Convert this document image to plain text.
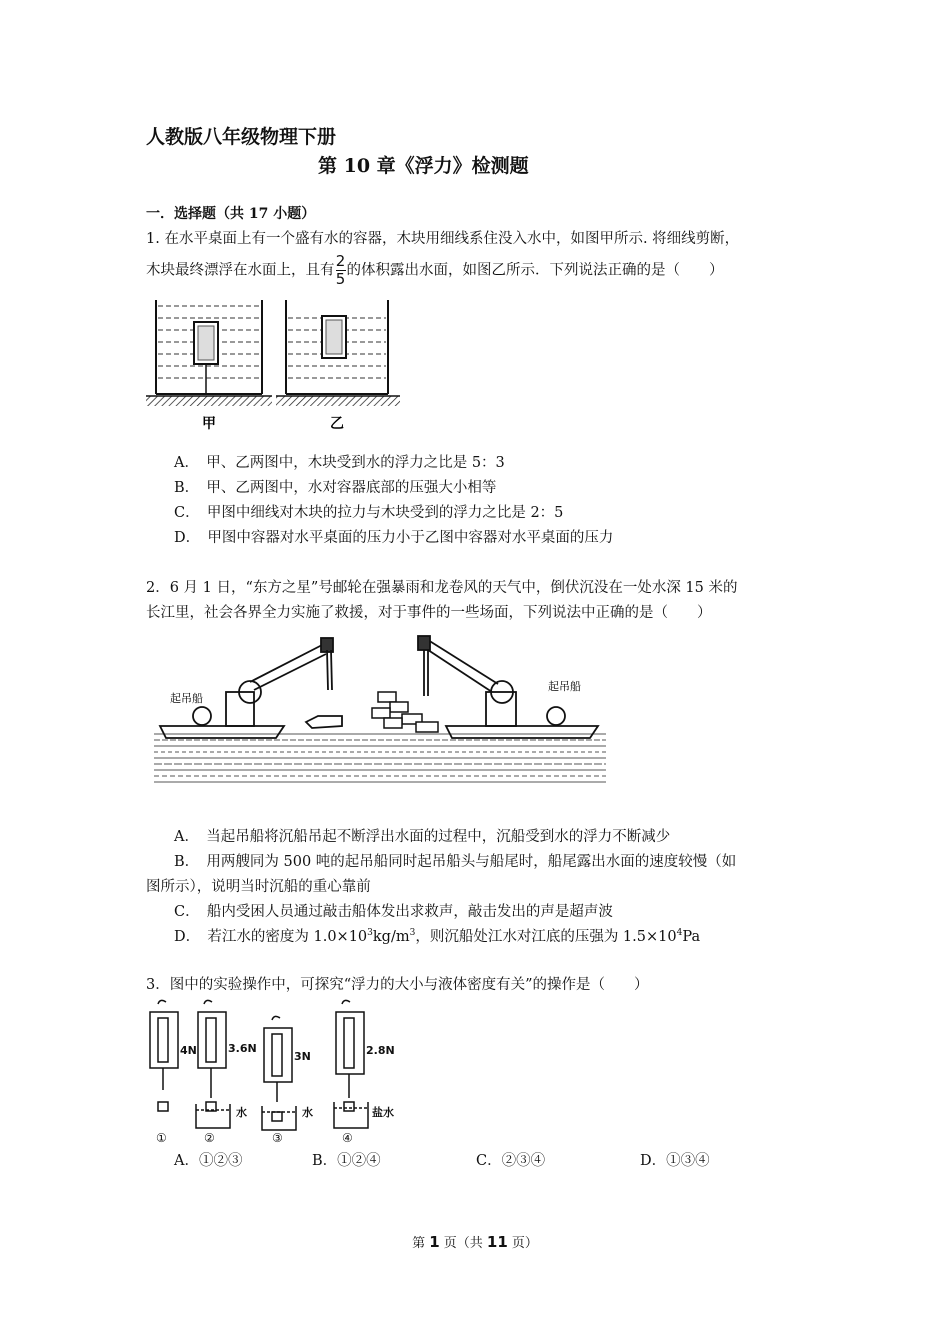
人教版八年级物理下册
第 10 章《浮力》检测题
一．选择题（共 17 小题）
1. 在水平桌面上有一个盛有水的容器，木块用细线系住没入水中，如图甲所示. 将细线剪断，
木块最终漂浮在水面上，且有 $\frac{2}{5}$ 的体积露出水面，如图乙所示．下列说法正确的是（　　）
甲	乙
A．　甲、乙两图中，木块受到水的浮力之比是 5：3
B．　甲、乙两图中，水对容器底部的压强大小相等
C．　甲图中细线对木块的拉力与木块受到的浮力之比是 2：5
D．　甲图中容器对水平桌面的压力小于乙图中容器对水平桌面的压力
2．6 月 1 日，“东方之星”号邮轮在强暴雨和龙卷风的天气中，倒伏沉没在一处水深 15 米的
长江里，社会各界全力实施了救援，对于事件的一些场面，下列说法中正确的是（　　）
起吊船
起吊船
A．　当起吊船将沉船吊起不断浮出水面的过程中，沉船受到水的浮力不断减少
B．　用两艘同为 500 吨的起吊船同时起吊船头与船尾时，船尾露出水面的速度较慢（如
图所示），说明当时沉船的重心靠前
C．　船内受困人员通过敲击船体发出求救声，敲击发出的声是超声波
D．　若江水的密度为 $1.0\times 10^3kg/m^3$，则沉船处江水对江底的压强为 $1.5\times 10^4Pa$
3．图中的实验操作中，可探究“浮力的大小与液体密度有关”的操作是（　　）
4N	3.6N
3N	2.8N
水	水	盐水
①	②	③	④
A．①②③	B．①②④	C．②③④	D．①③④
第 1 页（共 11 页）
